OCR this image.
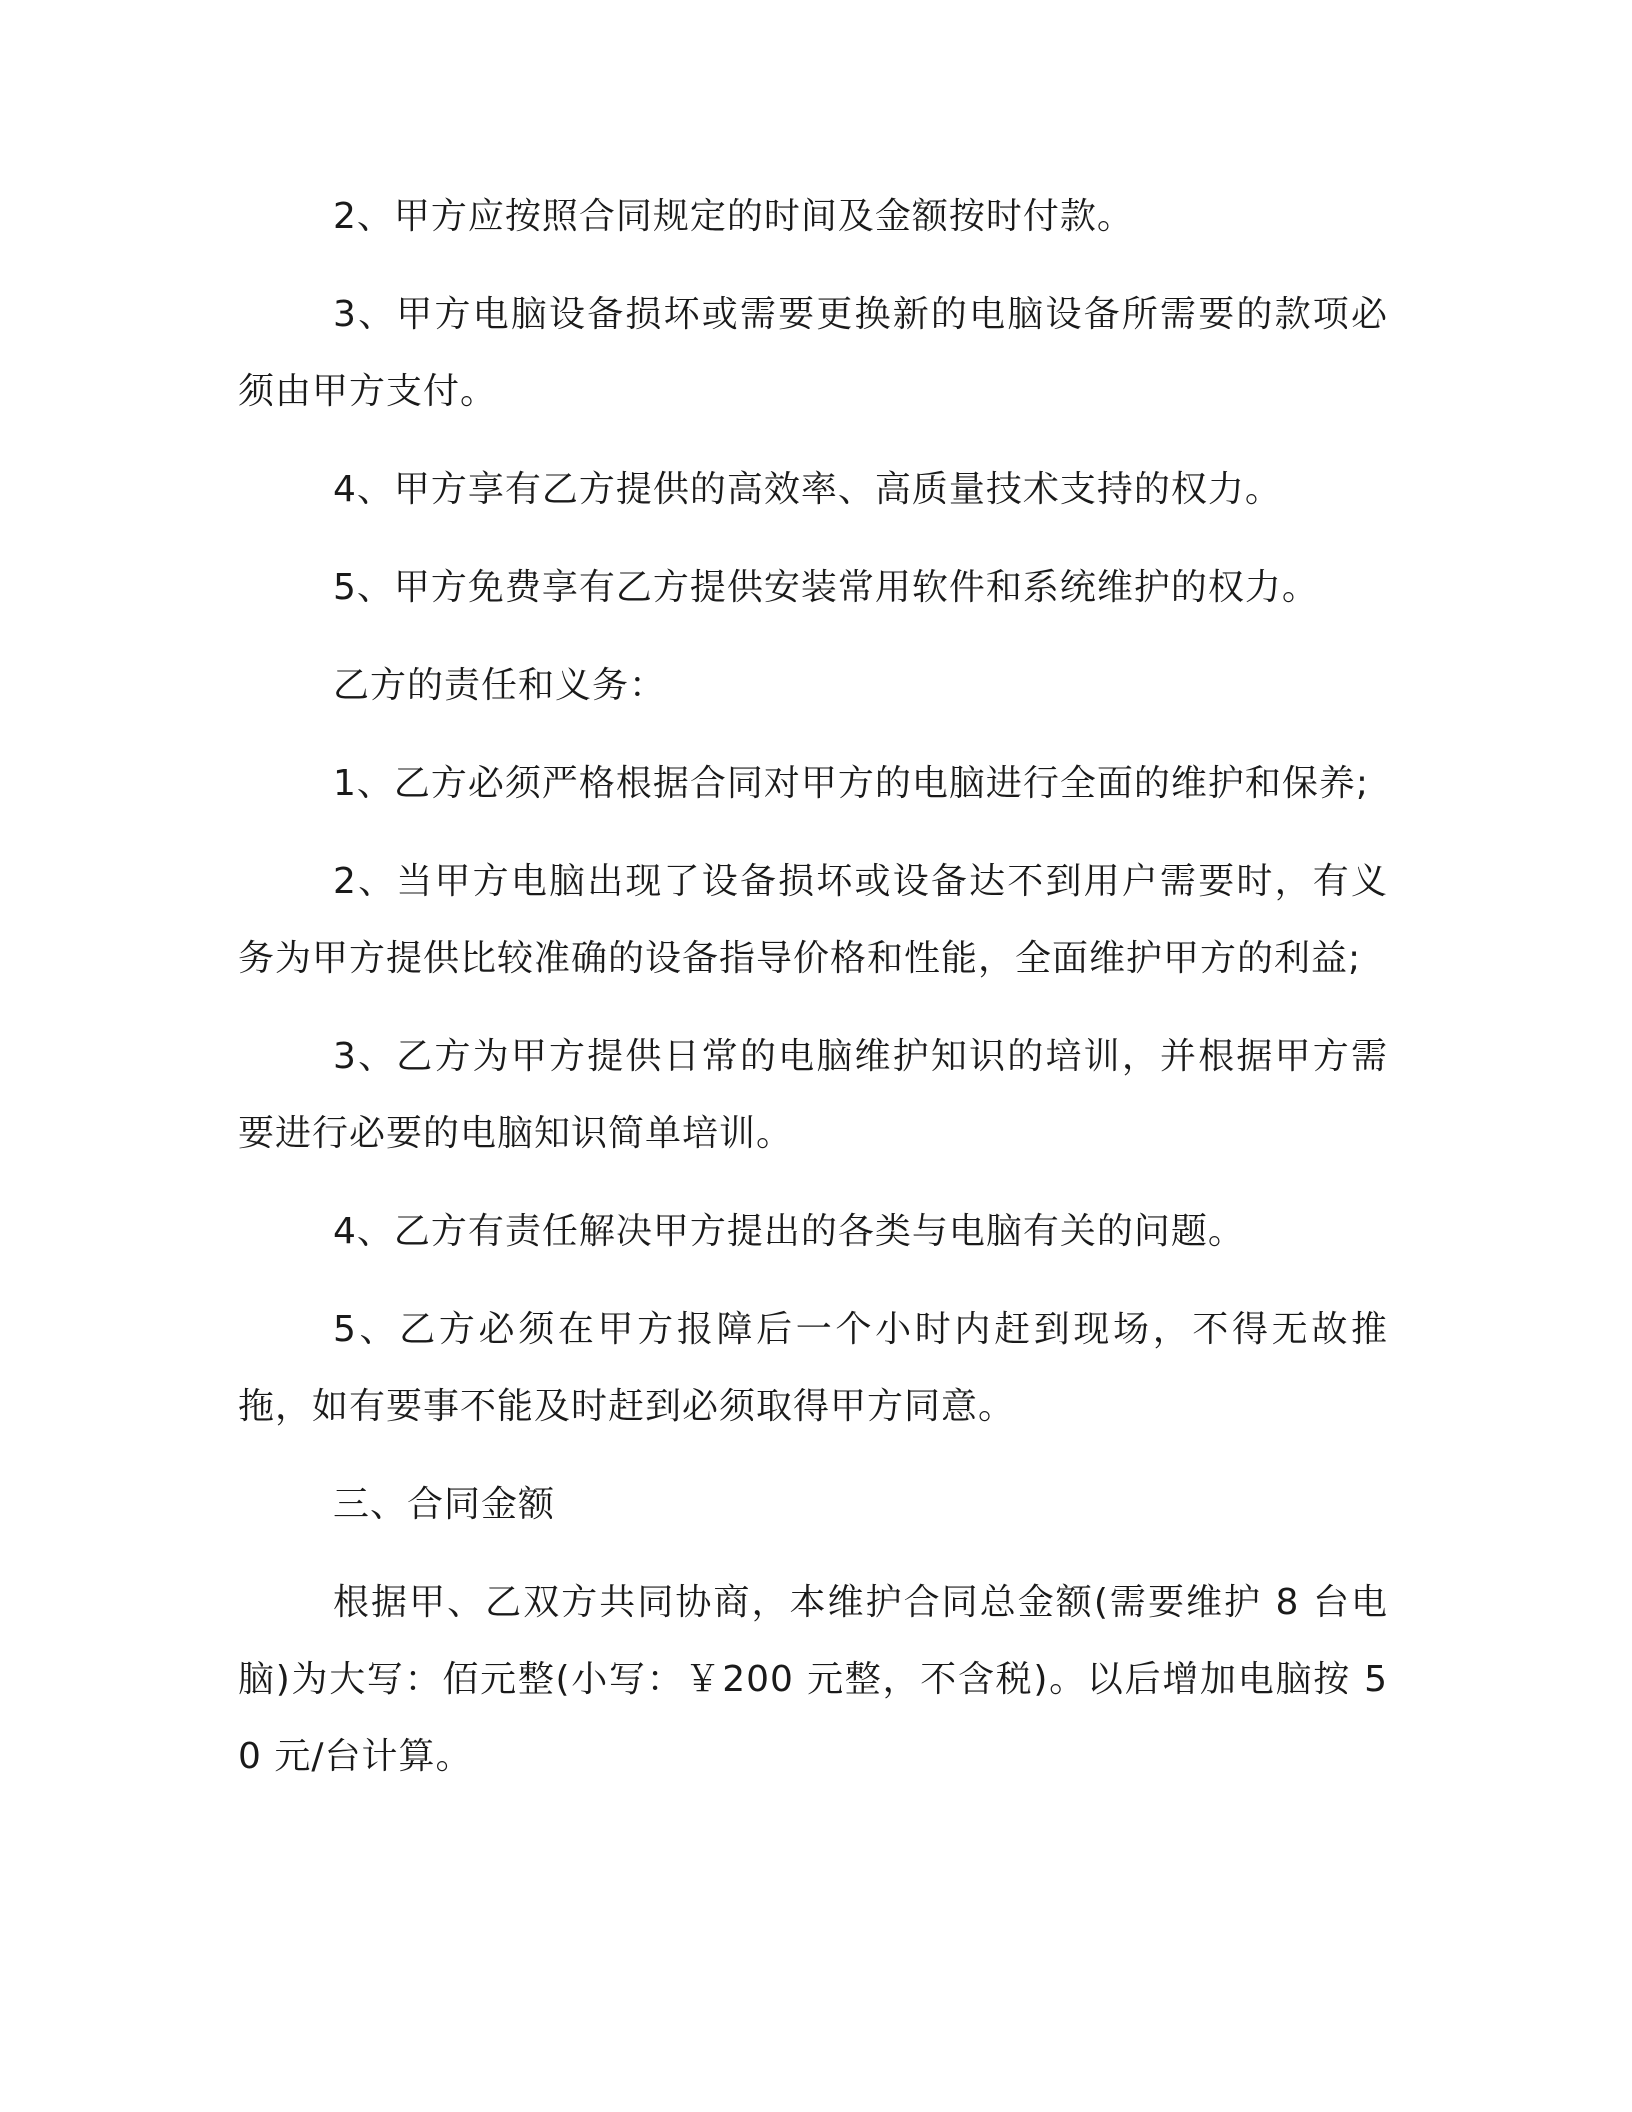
2、甲方应按照合同规定的时间及金额按时付款。

3、甲方电脑设备损坏或需要更换新的电脑设备所需要的款项必须由甲方支付。

4、甲方享有乙方提供的高效率、高质量技术支持的权力。

5、甲方免费享有乙方提供安装常用软件和系统维护的权力。

乙方的责任和义务：

1、乙方必须严格根据合同对甲方的电脑进行全面的维护和保养;

2、当甲方电脑出现了设备损坏或设备达不到用户需要时，有义务为甲方提供比较准确的设备指导价格和性能，全面维护甲方的利益;

3、乙方为甲方提供日常的电脑维护知识的培训，并根据甲方需要进行必要的电脑知识简单培训。

4、乙方有责任解决甲方提出的各类与电脑有关的问题。

5、乙方必须在甲方报障后一个小时内赶到现场，不得无故推拖，如有要事不能及时赶到必须取得甲方同意。

三、合同金额

根据甲、乙双方共同协商，本维护合同总金额(需要维护 8 台电脑)为大写：佰元整(小写：￥200 元整，不含税)。以后增加电脑按 50 元/台计算。
